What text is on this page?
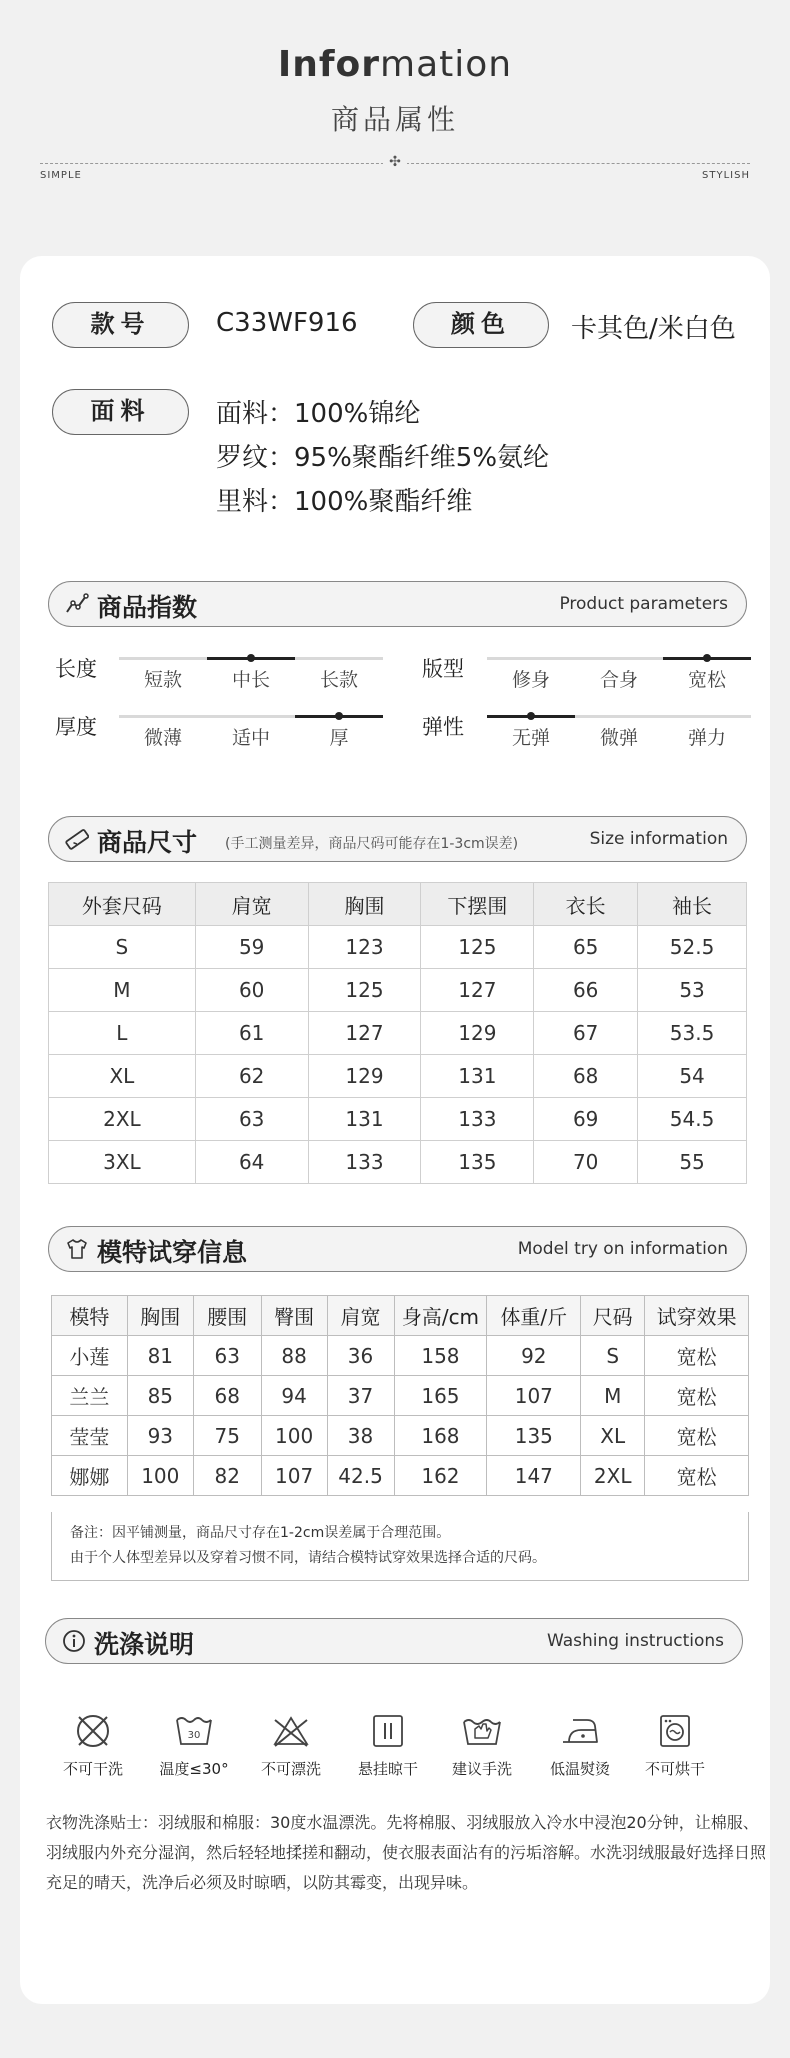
Information
商品属性
✣
SIMPLE	STYLISH
款号	C33WF916	颜色	卡其色/米白色
面料	面料：100%锦纶
罗纹：95%聚酯纤维5%氨纶
里料：100%聚酯纤维
商品指数	Product parameters
长度	短款	中长	长款	版型	修身	合身	宽松
厚度	微薄	适中	厚	弹性	无弹	微弹	弹力
商品尺寸 (手工测量差异，商品尺码可能存在1-3cm误差)	Size information
外套尺码	肩宽	胸围	下摆围	衣长	袖长
S	59	123	125	65	52.5
M	60	125	127	66	53
L	61	127	129	67	53.5
XL	62	129	131	68	54
2XL	63	131	133	69	54.5
3XL	64	133	135	70	55
模特试穿信息	Model try on information
模特	胸围	腰围	臀围	肩宽	身高/cm	体重/斤	尺码	试穿效果
小莲	81	63	88	36	158	92	S	宽松
兰兰	85	68	94	37	165	107	M	宽松
莹莹	93	75	100	38	168	135	XL	宽松
娜娜	100	82	107	42.5	162	147	2XL	宽松
备注：因平铺测量，商品尺寸存在1-2cm误差属于合理范围。
由于个人体型差异以及穿着习惯不同，请结合模特试穿效果选择合适的尺码。
洗涤说明	Washing instructions
不可干洗
30
温度≤30°	不可漂洗	悬挂晾干	建议手洗	低温熨烫	不可烘干
衣物洗涤贴士：羽绒服和棉服：30度水温漂洗。先将棉服、羽绒服放入冷水中浸泡20分钟，让棉服、羽绒服内外充分湿润，然后轻轻地揉搓和翻动，使衣服表面沾有的污垢溶解。水洗羽绒服最好选择日照充足的晴天，洗净后必须及时晾晒，以防其霉变，出现异味。
